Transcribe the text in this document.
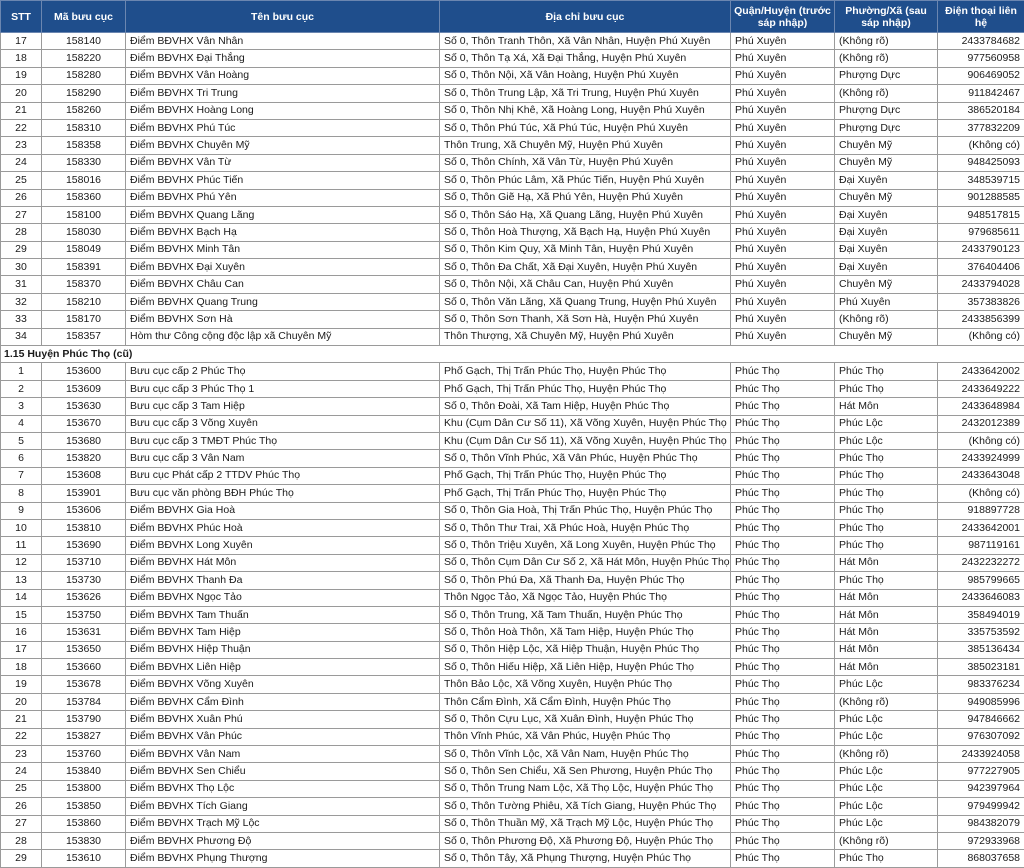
STT	Mã bưu cục	Tên bưu cục	Địa chỉ bưu cục	Quận/Huyện (trước sáp nhập)	Phường/Xã (sau sáp nhập)	Điện thoại liên hệ
17	158140	Điểm BĐVHX Vân Nhân	Số 0, Thôn Tranh Thôn, Xã Vân Nhân, Huyện Phú Xuyên	Phú Xuyên	(Không rõ)	2433784682
18	158220	Điểm BĐVHX Đại Thắng	Số 0, Thôn Tạ Xá, Xã Đại Thắng, Huyện Phú Xuyên	Phú Xuyên	(Không rõ)	977560958
19	158280	Điểm BĐVHX Vân Hoàng	Số 0, Thôn Nội, Xã Vân Hoàng, Huyện Phú Xuyên	Phú Xuyên	Phượng Dực	906469052
20	158290	Điểm BĐVHX Tri Trung	Số 0, Thôn Trung Lập, Xã Tri Trung, Huyện Phú Xuyên	Phú Xuyên	(Không rõ)	911842467
21	158260	Điểm BĐVHX Hoàng Long	Số 0, Thôn Nhị Khê, Xã Hoàng Long, Huyện Phú Xuyên	Phú Xuyên	Phượng Dực	386520184
22	158310	Điểm BĐVHX Phú Túc	Số 0, Thôn Phú Túc, Xã Phú Túc, Huyện Phú Xuyên	Phú Xuyên	Phượng Dực	377832209
23	158358	Điểm BĐVHX Chuyên Mỹ	Thôn Trung, Xã Chuyên Mỹ, Huyện Phú Xuyên	Phú Xuyên	Chuyên Mỹ	(Không có)
24	158330	Điểm BĐVHX Vân Từ	Số 0, Thôn Chính, Xã Vân Từ, Huyện Phú Xuyên	Phú Xuyên	Chuyên Mỹ	948425093
25	158016	Điểm BĐVHX Phúc Tiến	Số 0, Thôn Phúc Lâm, Xã Phúc Tiến, Huyện Phú Xuyên	Phú Xuyên	Đại Xuyên	348539715
26	158360	Điểm BĐVHX Phú Yên	Số 0, Thôn Giẽ Hạ, Xã Phú Yên, Huyện Phú Xuyên	Phú Xuyên	Chuyên Mỹ	901288585
27	158100	Điểm BĐVHX Quang Lãng	Số 0, Thôn Sáo Hạ, Xã Quang Lãng, Huyện Phú Xuyên	Phú Xuyên	Đại Xuyên	948517815
28	158030	Điểm BĐVHX Bạch Hạ	Số 0, Thôn Hoà Thượng, Xã Bạch Hạ, Huyện Phú Xuyên	Phú Xuyên	Đại Xuyên	979685611
29	158049	Điểm BĐVHX Minh Tân	Số 0, Thôn Kim Quy, Xã Minh Tân, Huyện Phú Xuyên	Phú Xuyên	Đại Xuyên	2433790123
30	158391	Điểm BĐVHX Đại Xuyên	Số 0, Thôn Đa Chất, Xã Đại Xuyên, Huyện Phú Xuyên	Phú Xuyên	Đại Xuyên	376404406
31	158370	Điểm BĐVHX Châu Can	Số 0, Thôn Nội, Xã Châu Can, Huyện Phú Xuyên	Phú Xuyên	Chuyên Mỹ	2433794028
32	158210	Điểm BĐVHX Quang Trung	Số 0, Thôn Văn Lãng, Xã Quang Trung, Huyện Phú Xuyên	Phú Xuyên	Phú Xuyên	357383826
33	158170	Điểm BĐVHX Sơn Hà	Số 0, Thôn Sơn Thanh, Xã Sơn Hà, Huyện Phú Xuyên	Phú Xuyên	(Không rõ)	2433856399
34	158357	Hòm thư Công cộng độc lập xã Chuyên Mỹ	Thôn Thượng, Xã Chuyên Mỹ, Huyện Phú Xuyên	Phú Xuyên	Chuyên Mỹ	(Không có)
1.15 Huyện Phúc Thọ (cũ)						
1	153600	Bưu cục cấp 2 Phúc Thọ	Phố Gạch, Thị Trấn Phúc Thọ, Huyện Phúc Thọ	Phúc Thọ	Phúc Thọ	2433642002
2	153609	Bưu cục cấp 3 Phúc Thọ 1	Phố Gạch, Thị Trấn Phúc Thọ, Huyện Phúc Thọ	Phúc Thọ	Phúc Thọ	2433649222
3	153630	Bưu cục cấp 3 Tam Hiệp	Số 0, Thôn Đoài, Xã Tam Hiệp, Huyện Phúc Thọ	Phúc Thọ	Hát Môn	2433648984
4	153670	Bưu cục cấp 3 Võng Xuyên	Khu (Cụm Dân Cư Số 11), Xã Võng Xuyên, Huyện Phúc Thọ	Phúc Thọ	Phúc Lộc	2432012389
5	153680	Bưu cục cấp 3 TMĐT Phúc Thọ	Khu (Cụm Dân Cư Số 11), Xã Võng Xuyên, Huyện Phúc Thọ	Phúc Thọ	Phúc Lộc	(Không có)
6	153820	Bưu cục cấp 3 Vân Nam	Số 0, Thôn Vĩnh Phúc, Xã Vân Phúc, Huyện Phúc Thọ	Phúc Thọ	Phúc Thọ	2433924999
7	153608	Bưu cục Phát cấp 2 TTDV Phúc Thọ	Phố Gạch, Thị Trấn Phúc Thọ, Huyện Phúc Thọ	Phúc Thọ	Phúc Thọ	2433643048
8	153901	Bưu cục văn phòng BĐH Phúc Thọ	Phố Gạch, Thị Trấn Phúc Thọ, Huyện Phúc Thọ	Phúc Thọ	Phúc Thọ	(Không có)
9	153606	Điểm BĐVHX Gia Hoà	Số 0, Thôn Gia Hoà, Thị Trấn Phúc Thọ, Huyện Phúc Thọ	Phúc Thọ	Phúc Thọ	918897728
10	153810	Điểm BĐVHX Phúc Hoà	Số 0, Thôn Thư Trai, Xã Phúc Hoà, Huyện Phúc Thọ	Phúc Thọ	Phúc Thọ	2433642001
11	153690	Điểm BĐVHX Long Xuyên	Số 0, Thôn Triệu Xuyên, Xã Long Xuyên, Huyện Phúc Thọ	Phúc Thọ	Phúc Thọ	987119161
12	153710	Điểm BĐVHX Hát Môn	Số 0, Thôn Cụm Dân Cư Số 2, Xã Hát Môn, Huyện Phúc Thọ	Phúc Thọ	Hát Môn	2432232272
13	153730	Điểm BĐVHX Thanh Đa	Số 0, Thôn Phú Đa, Xã Thanh Đa, Huyện Phúc Thọ	Phúc Thọ	Phúc Thọ	985799665
14	153626	Điểm BĐVHX Ngọc Tảo	Thôn Ngọc Tảo, Xã Ngọc Tảo, Huyện Phúc Thọ	Phúc Thọ	Hát Môn	2433646083
15	153750	Điểm BĐVHX Tam Thuấn	Số 0, Thôn Trung, Xã Tam Thuấn, Huyện Phúc Thọ	Phúc Thọ	Hát Môn	358494019
16	153631	Điểm BĐVHX Tam Hiệp	Số 0, Thôn Hoà Thôn, Xã Tam Hiệp, Huyện Phúc Thọ	Phúc Thọ	Hát Môn	335753592
17	153650	Điểm BĐVHX Hiệp Thuận	Số 0, Thôn Hiệp Lộc, Xã Hiệp Thuận, Huyện Phúc Thọ	Phúc Thọ	Hát Môn	385136434
18	153660	Điểm BĐVHX Liên Hiệp	Số 0, Thôn Hiếu Hiệp, Xã Liên Hiệp, Huyện Phúc Thọ	Phúc Thọ	Hát Môn	385023181
19	153678	Điểm BĐVHX Võng Xuyên	Thôn Bảo Lộc, Xã Võng Xuyên, Huyện Phúc Thọ	Phúc Thọ	Phúc Lộc	983376234
20	153784	Điểm BĐVHX Cẩm Đình	Thôn Cẩm Đình, Xã Cẩm Đình, Huyện Phúc Thọ	Phúc Thọ	(Không rõ)	949085996
21	153790	Điểm BĐVHX Xuân Phú	Số 0, Thôn Cựu Lục, Xã Xuân Đình, Huyện Phúc Thọ	Phúc Thọ	Phúc Lộc	947846662
22	153827	Điểm BĐVHX Vân Phúc	Thôn Vĩnh Phúc, Xã Vân Phúc, Huyện Phúc Thọ	Phúc Thọ	Phúc Lộc	976307092
23	153760	Điểm BĐVHX Vân Nam	Số 0, Thôn Vĩnh Lộc, Xã Vân Nam, Huyện Phúc Thọ	Phúc Thọ	(Không rõ)	2433924058
24	153840	Điểm BĐVHX Sen Chiểu	Số 0, Thôn Sen Chiểu, Xã Sen Phương, Huyện Phúc Thọ	Phúc Thọ	Phúc Lộc	977227905
25	153800	Điểm BĐVHX Thọ Lộc	Số 0, Thôn Trung Nam Lộc, Xã Thọ Lộc, Huyện Phúc Thọ	Phúc Thọ	Phúc Lộc	942397964
26	153850	Điểm BĐVHX Tích Giang	Số 0, Thôn Tường Phiêu, Xã Tích Giang, Huyện Phúc Thọ	Phúc Thọ	Phúc Lộc	979499942
27	153860	Điểm BĐVHX Trạch Mỹ Lộc	Số 0, Thôn Thuần Mỹ, Xã Trạch Mỹ Lộc, Huyện Phúc Thọ	Phúc Thọ	Phúc Lộc	984382079
28	153830	Điểm BĐVHX Phương Độ	Số 0, Thôn Phương Độ, Xã Phương Độ, Huyện Phúc Thọ	Phúc Thọ	(Không rõ)	972933968
29	153610	Điểm BĐVHX Phụng Thượng	Số 0, Thôn Tây, Xã Phụng Thượng, Huyện Phúc Thọ	Phúc Thọ	Phúc Thọ	868037658
